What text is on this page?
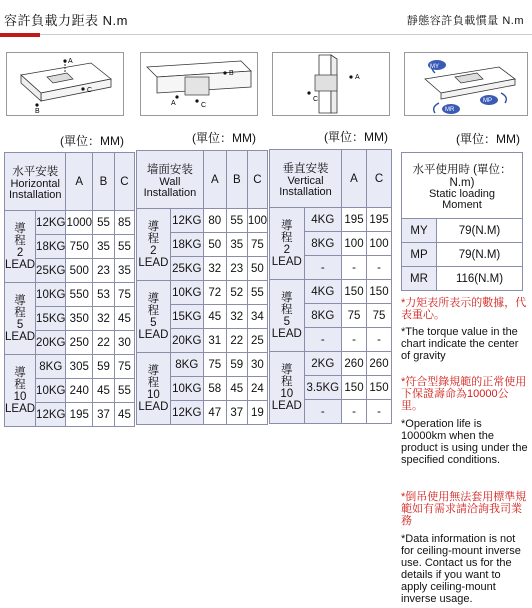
容許負載力距表 N.m	靜態容許負載慣量 N.m
A
B
C
B
A	C
A
C
MY
MR
MP
(單位：MM)	(單位：MM)	(單位：MM)	(單位：MM)
水平安裝
Horizontal
Installation		A	B	C

導
程
2
LEAD	12KG	1000	55	85
	18KG	750	35	55
	25KG	500	23	35

導
程
5
LEAD	10KG	550	53	75
	15KG	350	32	45
	20KG	250	22	30

導
程
10
LEAD	8KG	305	59	75
	10KG	240	45	55
	12KG	195	37	45
墙面安装
Wall
Installation		A	B	C

導
程
2
LEAD	12KG	80	55	100
	18KG	50	35	75
	25KG	32	23	50

導
程
5
LEAD	10KG	72	52	55
	15KG	45	32	34
	20KG	31	22	25

導
程
10
LEAD	8KG	75	59	30
	10KG	58	45	24
	12KG	47	37	19
垂直安裝
Vertical
Installation		A	C

導
程
2
LEAD	4KG	195	195
	8KG	100	100
	-	-	-

導
程
5
LEAD	4KG	150	150
	8KG	75	75
	-	-	-

導
程
10
LEAD	2KG	260	260
	3.5KG	150	150
	-	-	-
水平使用時 (單位：
N.m)
Static loading
Moment	

MY	79(N.M)
MP	79(N.M)
MR	116(N.M)
*力矩表所表示的數據，代表重心。
*The torque value in the chart indicate the center of gravity
*符合型錄規範的正常使用下保證壽命為10000公里。
*Operation life is 10000km when the product is using under the specified conditions.
*倒吊使用無法套用標準規範如有需求請洽詢我司業務
*Data information is not for ceiling-mount inverse use. Contact us for the details if you want to apply ceiling-mount inverse usage.
